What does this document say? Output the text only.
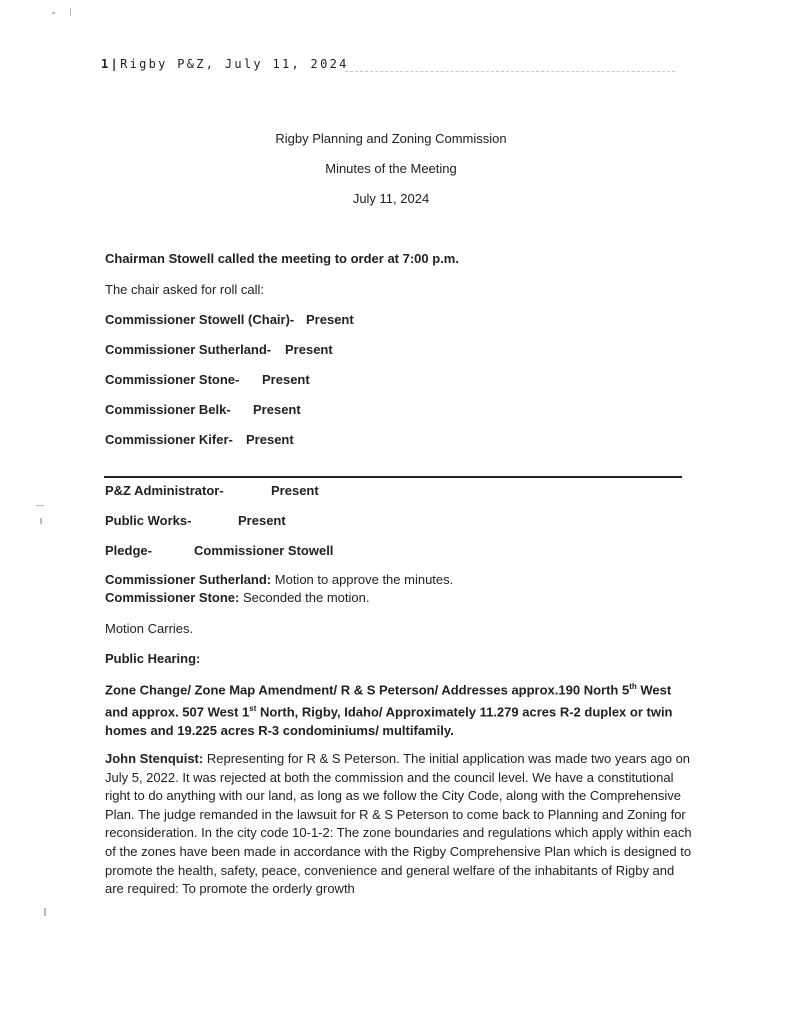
1|Rigby P&Z, July 11, 2024
Rigby Planning and Zoning Commission
Minutes of the Meeting
July 11, 2024
Chairman Stowell called the meeting to order at 7:00 p.m.
The chair asked for roll call:
Commissioner Stowell (Chair)- Present
Commissioner Sutherland- Present
Commissioner Stone- Present
Commissioner Belk- Present
Commissioner Kifer- Present
P&Z Administrator-	Present
Public Works-	Present
Pledge-	Commissioner Stowell
Commissioner Sutherland: Motion to approve the minutes.
Commissioner Stone: Seconded the motion.
Motion Carries.
Public Hearing:

Zone Change/ Zone Map Amendment/ R & S Peterson/ Addresses approx.190 North 5th West and approx. 507 West 1st North, Rigby, Idaho/ Approximately 11.279 acres R-2 duplex or twin homes and 19.225 acres R-3 condominiums/ multifamily.

John Stenquist: Representing for R & S Peterson. The initial application was made two years ago on July 5, 2022. It was rejected at both the commission and the council level. We have a constitutional right to do anything with our land, as long as we follow the City Code, along with the Comprehensive Plan. The judge remanded in the lawsuit for R & S Peterson to come back to Planning and Zoning for reconsideration. In the city code 10-1-2: The zone boundaries and regulations which apply within each of the zones have been made in accordance with the Rigby Comprehensive Plan which is designed to promote the health, safety, peace, convenience and general welfare of the inhabitants of Rigby and are required: To promote the orderly growth
